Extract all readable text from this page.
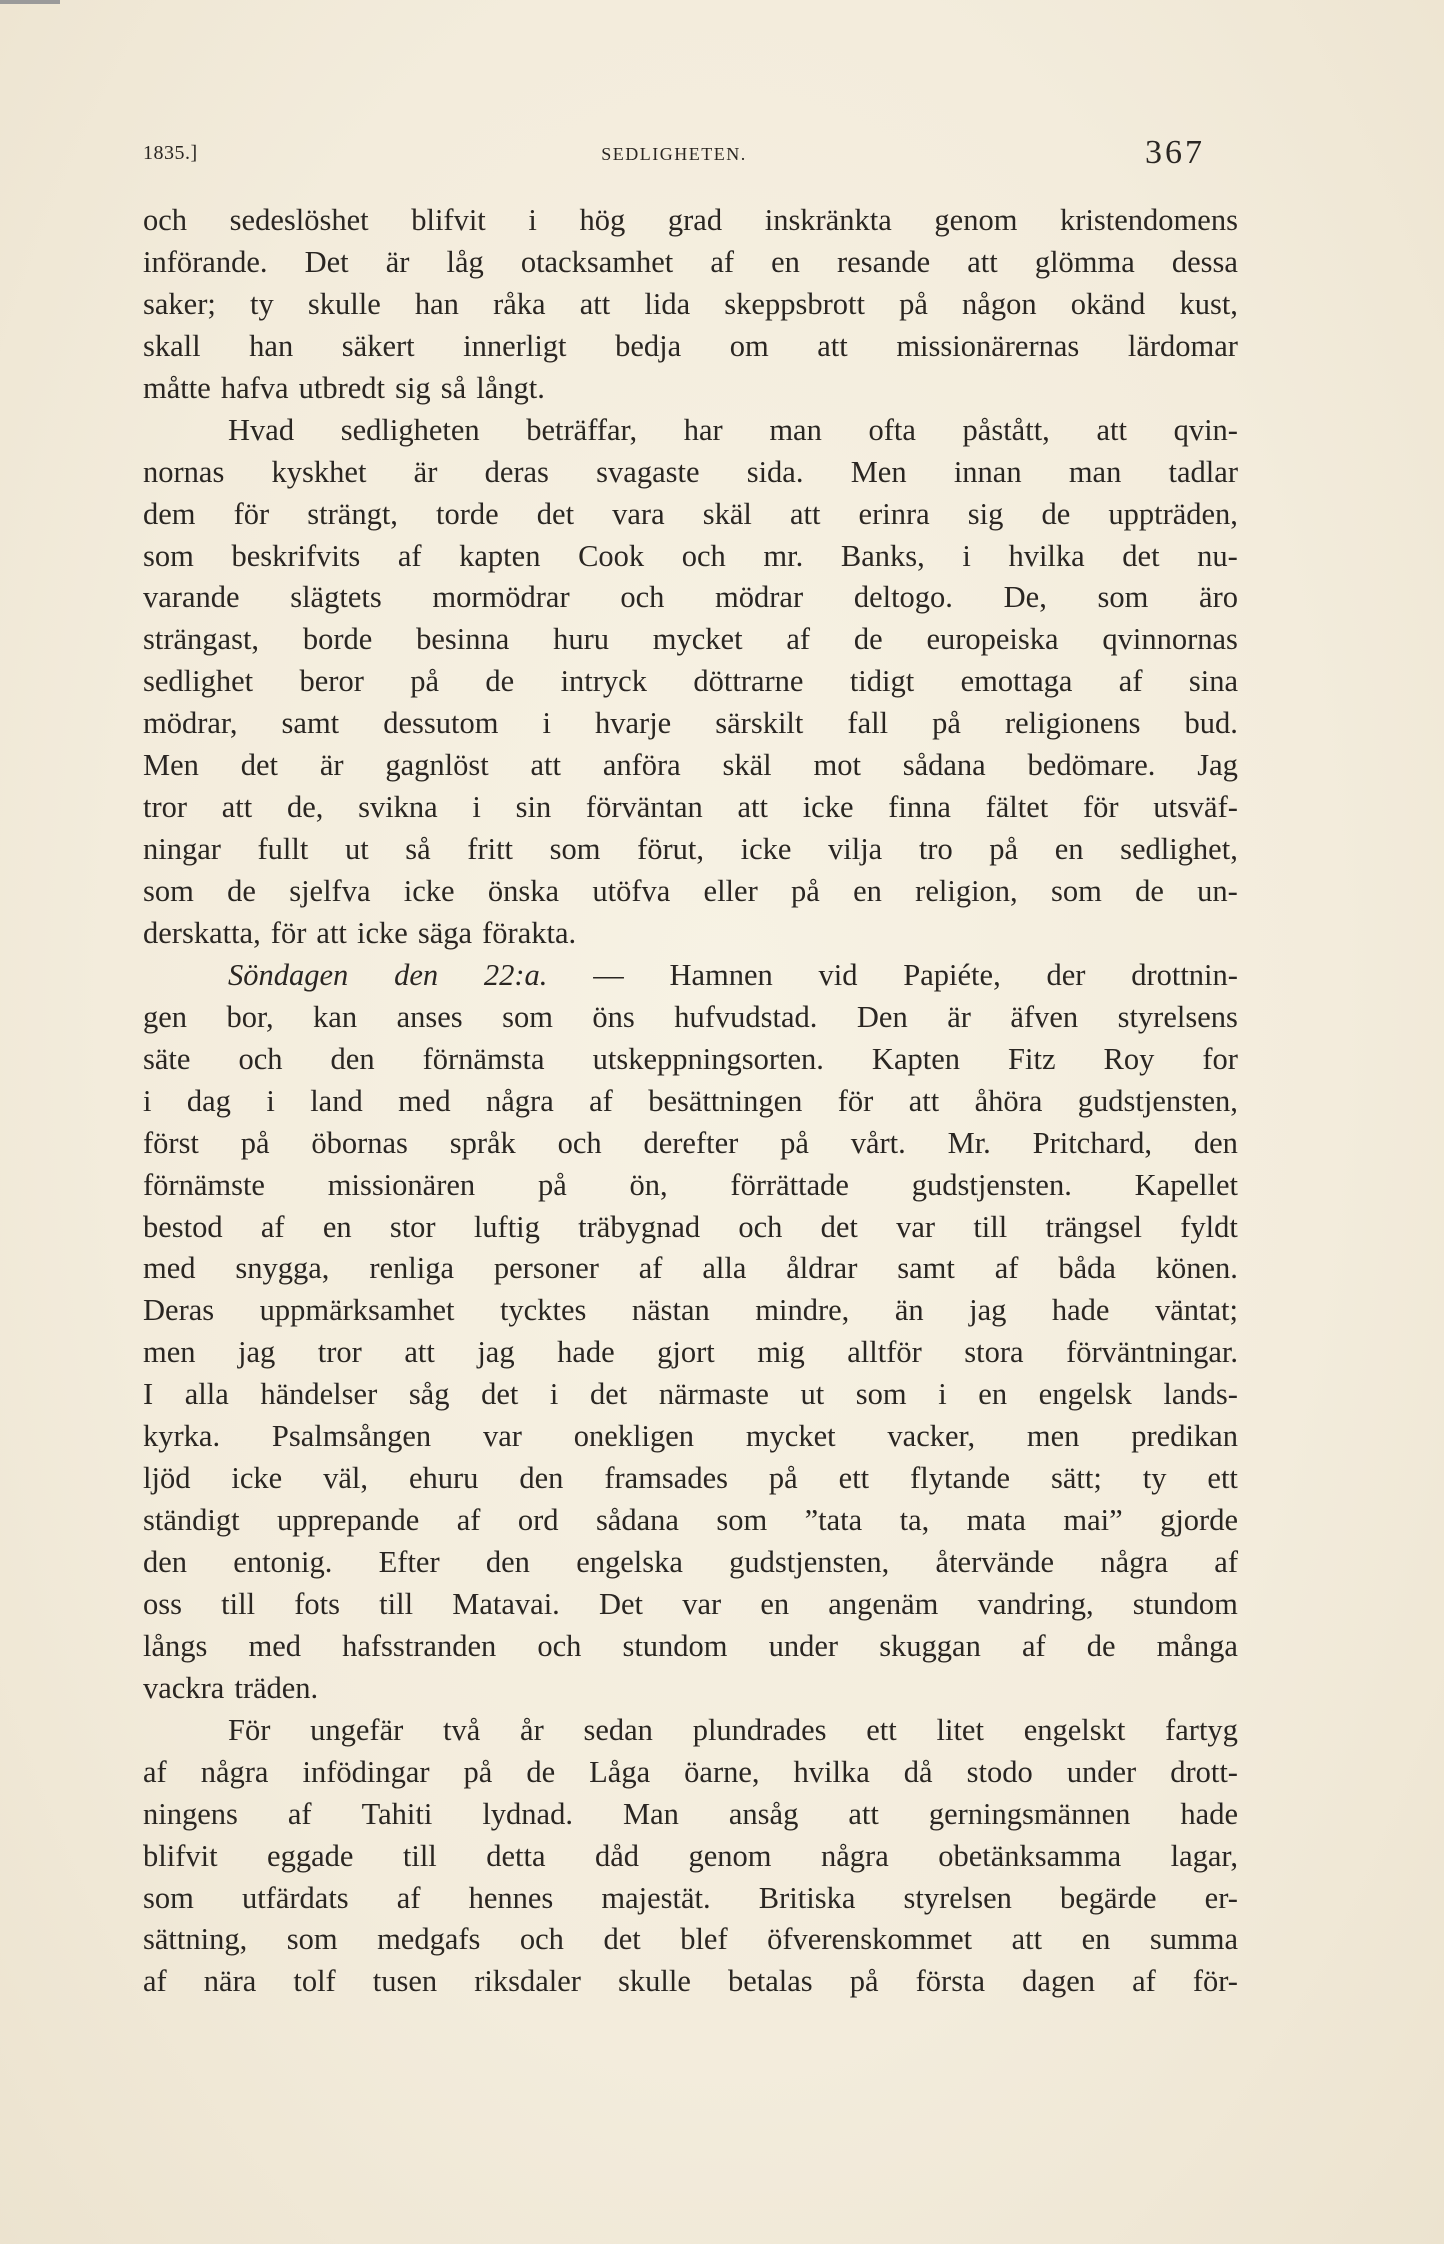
1835.]	SEDLIGHETEN.	367
och sedeslöshet blifvit i hög grad inskränkta genom kristendomens
införande. Det är låg otacksamhet af en resande att glömma dessa
saker; ty skulle han råka att lida skeppsbrott på någon okänd kust,
skall han säkert innerligt bedja om att missionärernas lärdomar
måtte hafva utbredt sig så långt.
Hvad sedligheten beträffar, har man ofta påstått, att qvin-
nornas kyskhet är deras svagaste sida. Men innan man tadlar
dem för strängt, torde det vara skäl att erinra sig de uppträden,
som beskrifvits af kapten Cook och mr. Banks, i hvilka det nu-
varande slägtets mormödrar och mödrar deltogo. De, som äro
strängast, borde besinna huru mycket af de europeiska qvinnornas
sedlighet beror på de intryck döttrarne tidigt emottaga af sina
mödrar, samt dessutom i hvarje särskilt fall på religionens bud.
Men det är gagnlöst att anföra skäl mot sådana bedömare. Jag
tror att de, svikna i sin förväntan att icke finna fältet för utsväf-
ningar fullt ut så fritt som förut, icke vilja tro på en sedlighet,
som de sjelfva icke önska utöfva eller på en religion, som de un-
derskatta, för att icke säga förakta.
Söndagen den 22:a. — Hamnen vid Papiéte, der drottnin-
gen bor, kan anses som öns hufvudstad. Den är äfven styrelsens
säte och den förnämsta utskeppningsorten. Kapten Fitz Roy for
i dag i land med några af besättningen för att åhöra gudstjensten,
först på öbornas språk och derefter på vårt. Mr. Pritchard, den
förnämste missionären på ön, förrättade gudstjensten. Kapellet
bestod af en stor luftig träbygnad och det var till trängsel fyldt
med snygga, renliga personer af alla åldrar samt af båda könen.
Deras uppmärksamhet tycktes nästan mindre, än jag hade väntat;
men jag tror att jag hade gjort mig alltför stora förväntningar.
I alla händelser såg det i det närmaste ut som i en engelsk lands-
kyrka. Psalmsången var onekligen mycket vacker, men predikan
ljöd icke väl, ehuru den framsades på ett flytande sätt; ty ett
ständigt upprepande af ord sådana som ”tata ta, mata mai” gjorde
den entonig. Efter den engelska gudstjensten, återvände några af
oss till fots till Matavai. Det var en angenäm vandring, stundom
långs med hafsstranden och stundom under skuggan af de många
vackra träden.
För ungefär två år sedan plundrades ett litet engelskt fartyg
af några infödingar på de Låga öarne, hvilka då stodo under drott-
ningens af Tahiti lydnad. Man ansåg att gerningsmännen hade
blifvit eggade till detta dåd genom några obetänksamma lagar,
som utfärdats af hennes majestät. Britiska styrelsen begärde er-
sättning, som medgafs och det blef öfverenskommet att en summa
af nära tolf tusen riksdaler skulle betalas på första dagen af för-
